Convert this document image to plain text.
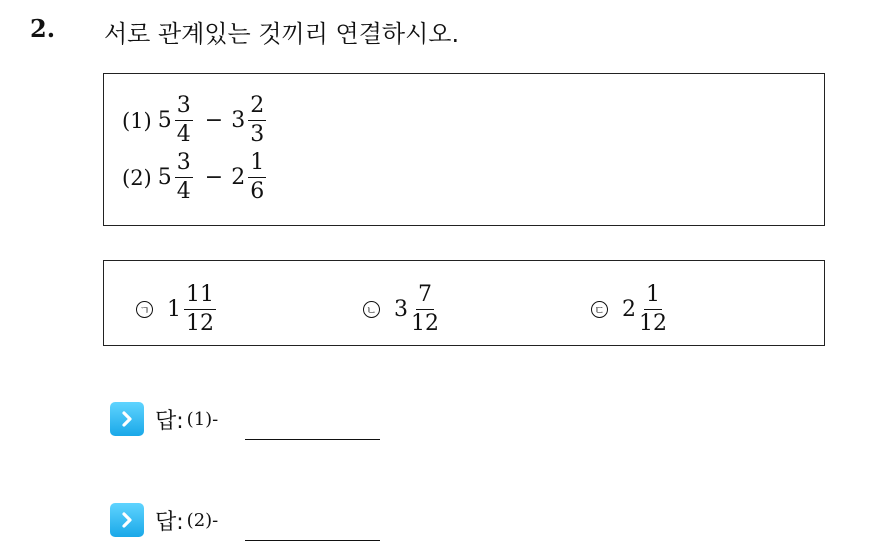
2. 서로 관계있는 것끼리 연결하시오.
(1) $5 \frac{3}{4} - 3 \frac{2}{3}$
(2) $5 \frac{3}{4} - 2 \frac{1}{6}$
ㄱ $1 \frac{11}{12}$	ㄴ $3 \frac{7}{12}$	ㄷ $2 \frac{1}{12}$
답: (1)-
답: (2)-
